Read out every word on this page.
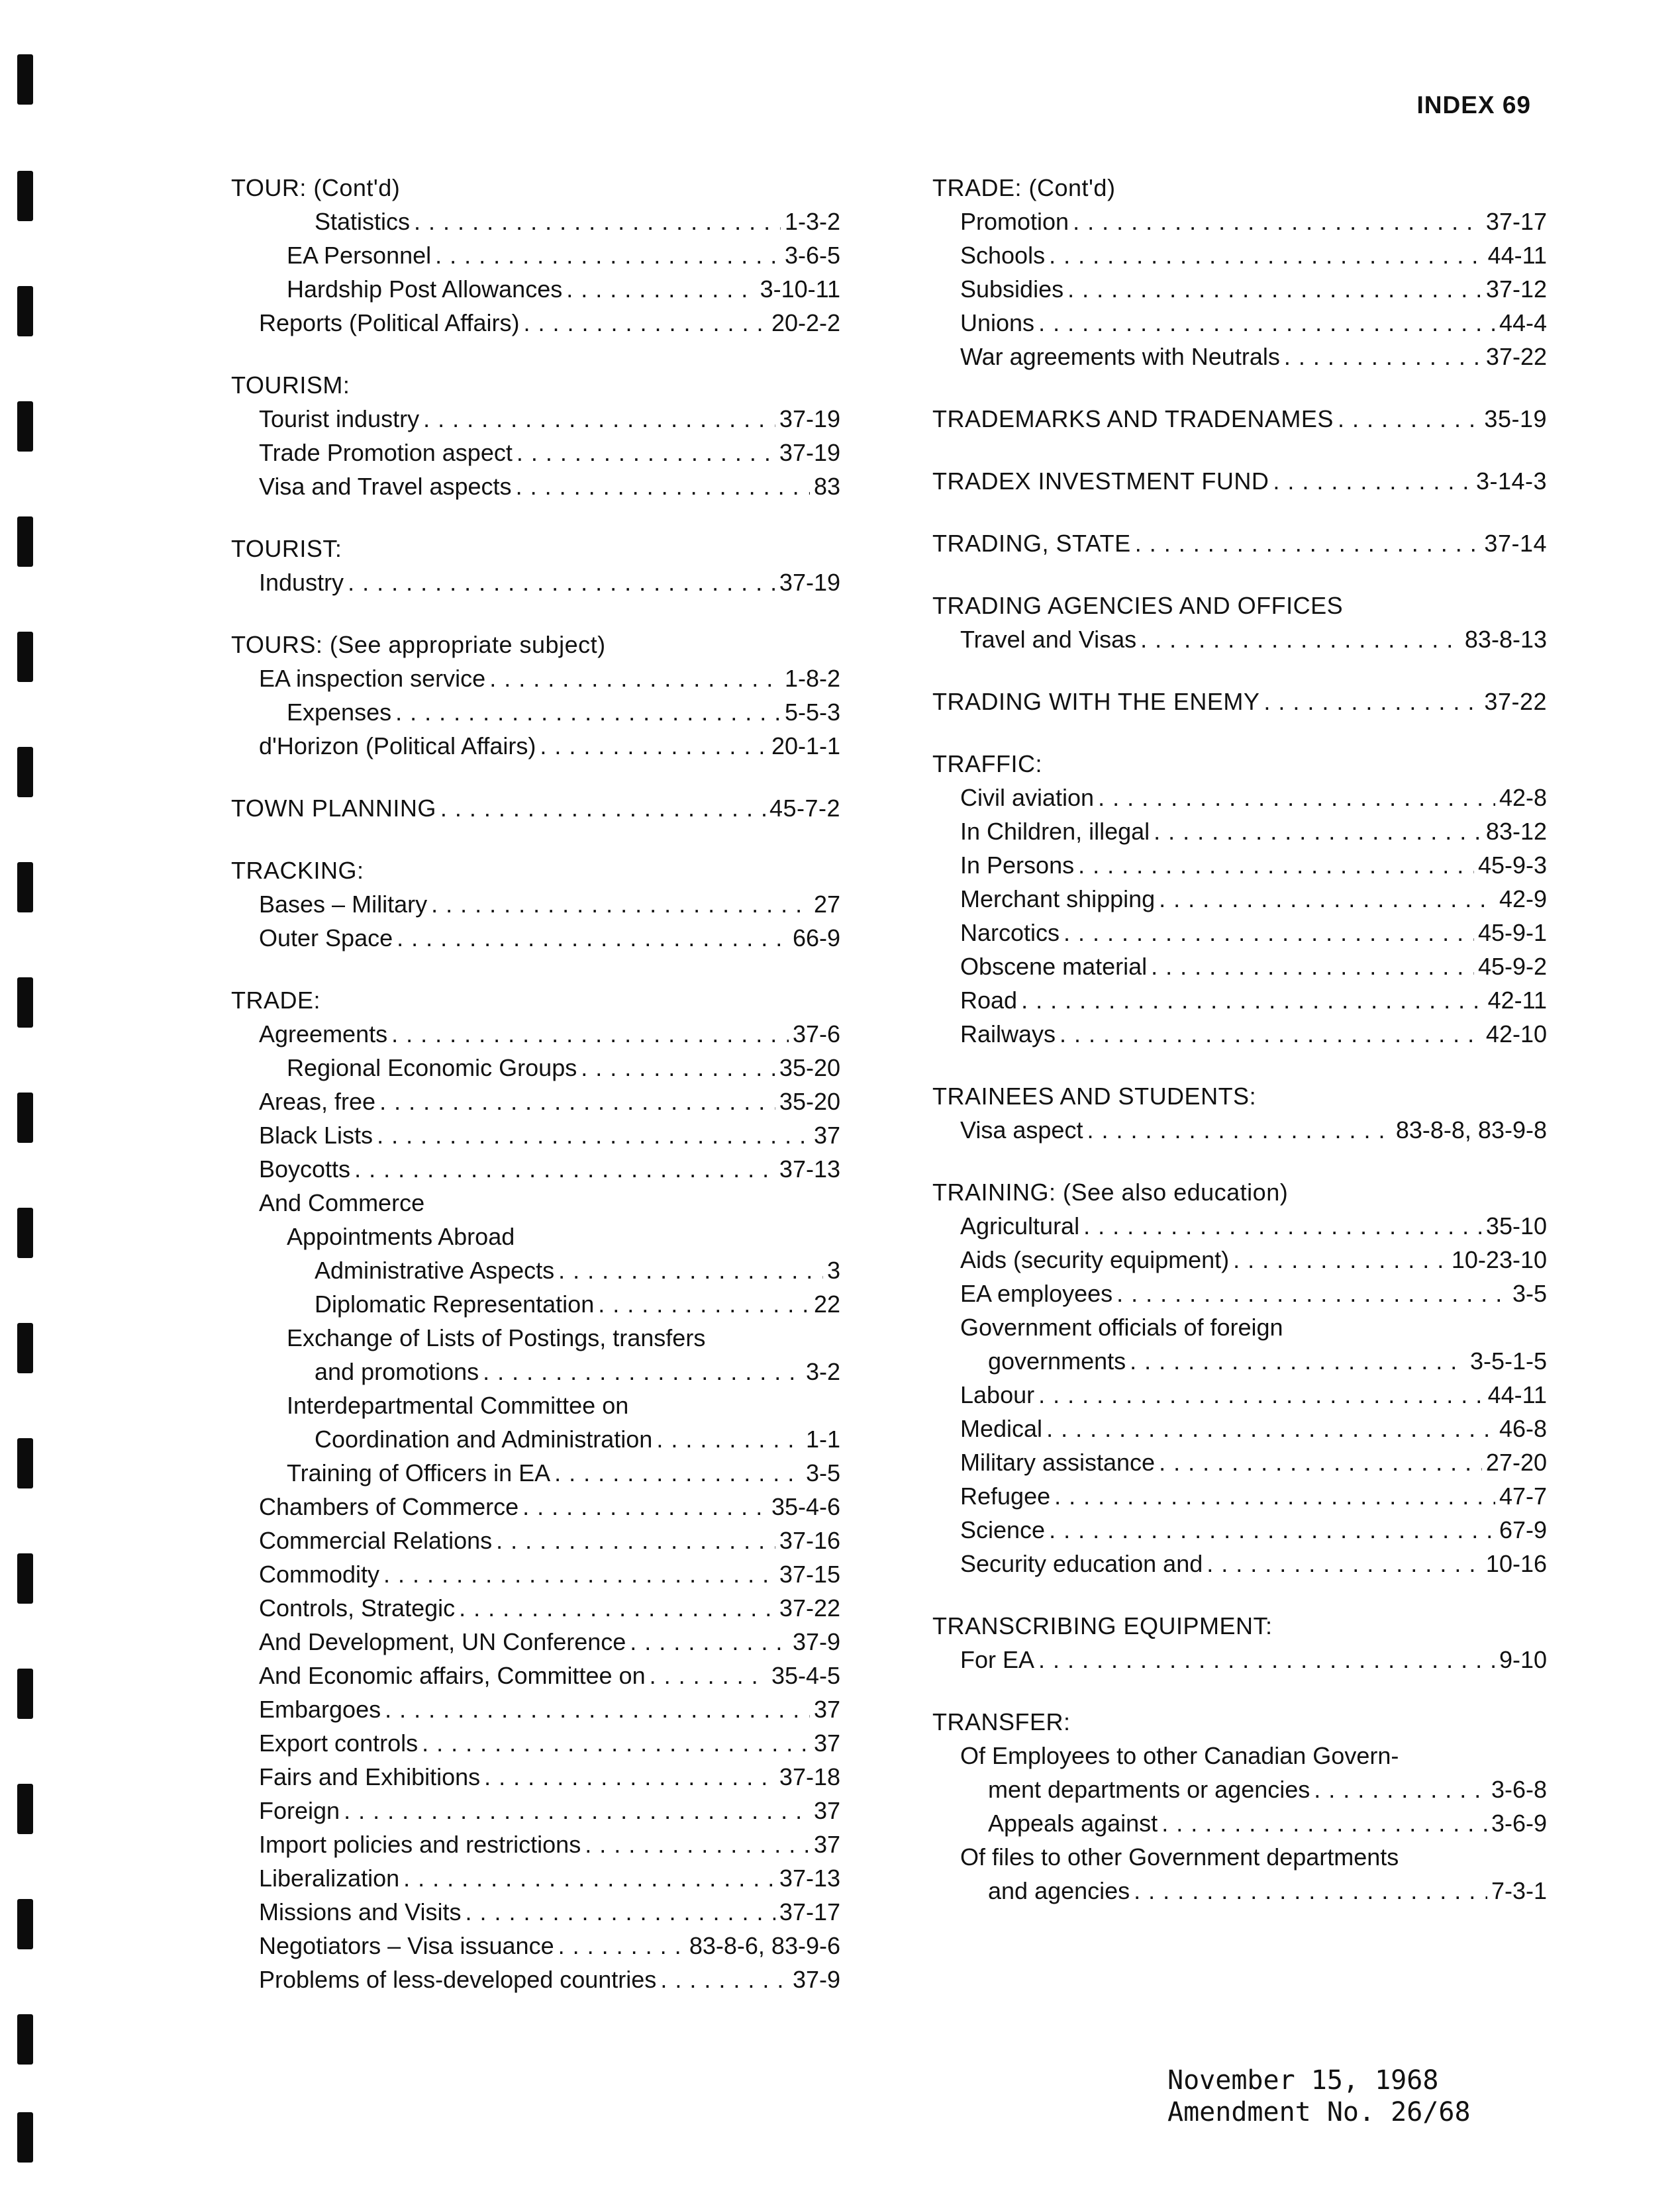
INDEX 69
TOUR: (Cont'd)
Statistics . . .	1-3-2
EA Personnel . . .	3-6-5
Hardship Post Allowances . . .	3-10-11
Reports (Political Affairs) . . .	20-2-2
TOURISM:
Tourist industry . . .	37-19
Trade Promotion aspect . . .	37-19
Visa and Travel aspects . . .	83
TOURIST:
Industry . . .	37-19
TOURS: (See appropriate subject)
EA inspection service . . .	1-8-2
Expenses . . .	5-5-3
d'Horizon (Political Affairs) . . .	20-1-1
TOWN PLANNING . . .	45-7-2
TRACKING:
Bases – Military . . .	27
Outer Space . . .	66-9
TRADE:
Agreements . . .	37-6
Regional Economic Groups . . .	35-20
Areas, free . . .	35-20
Black Lists . . .	37
Boycotts . . .	37-13
And Commerce
Appointments Abroad
Administrative Aspects . . .	3
Diplomatic Representation . . .	22
Exchange of Lists of Postings, transfers
and promotions . . .	3-2
Interdepartmental Committee on
Coordination and Administration . . .	1-1
Training of Officers in EA . . .	3-5
Chambers of Commerce . . .	35-4-6
Commercial Relations . . .	37-16
Commodity . . .	37-15
Controls, Strategic . . .	37-22
And Development, UN Conference . . .	37-9
And Economic affairs, Committee on . . .	35-4-5
Embargoes . . .	37
Export controls . . .	37
Fairs and Exhibitions . . .	37-18
Foreign . . .	37
Import policies and restrictions . . .	37
Liberalization . . .	37-13
Missions and Visits . . .	37-17
Negotiators – Visa issuance . . .	83-8-6, 83-9-6
Problems of less-developed countries . . .	37-9
TRADE: (Cont'd)
Promotion . . .	37-17
Schools . . .	44-11
Subsidies . . .	37-12
Unions . . .	44-4
War agreements with Neutrals . . .	37-22
TRADEMARKS AND TRADENAMES . . .	35-19
TRADEX INVESTMENT FUND . . .	3-14-3
TRADING, STATE . . .	37-14
TRADING AGENCIES AND OFFICES
Travel and Visas . . .	83-8-13
TRADING WITH THE ENEMY . . .	37-22
TRAFFIC:
Civil aviation . . .	42-8
In Children, illegal . . .	83-12
In Persons . . .	45-9-3
Merchant shipping . . .	42-9
Narcotics . . .	45-9-1
Obscene material . . .	45-9-2
Road . . .	42-11
Railways . . .	42-10
TRAINEES AND STUDENTS:
Visa aspect . . .	83-8-8, 83-9-8
TRAINING: (See also education)
Agricultural . . .	35-10
Aids (security equipment) . . .	10-23-10
EA employees . . .	3-5
Government officials of foreign
governments . . .	3-5-1-5
Labour . . .	44-11
Medical . . .	46-8
Military assistance . . .	27-20
Refugee . . .	47-7
Science . . .	67-9
Security education and . . .	10-16
TRANSCRIBING EQUIPMENT:
For EA . . .	9-10
TRANSFER:
Of Employees to other Canadian Govern-
ment departments or agencies . . .	3-6-8
Appeals against . . .	3-6-9
Of files to other Government departments
and agencies . . .	7-3-1
November 15, 1968
Amendment No. 26/68
